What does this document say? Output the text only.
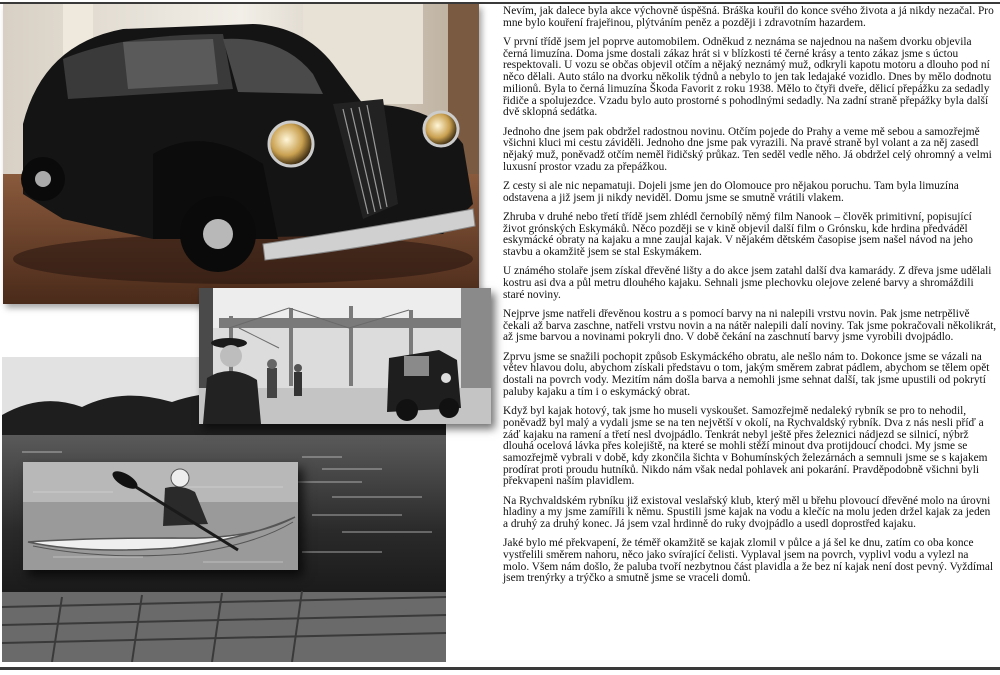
Nevím, jak dalece byla akce výchovně úspěšná. Bráška kouřil do konce svého života a já nikdy nezačal. Pro mne bylo kouření frajeřinou, plýtváním peněz a později i zdravotním hazardem.

V první třídě jsem jel poprve automobilem. Odněkud z neznáma se najednou na našem dvorku objevila černá limuzína. Doma jsme dostali zákaz hrát si v blízkosti té černé krásy a tento zákaz jsme s úctou respektovali. U vozu se občas objevil otčím a nějaký neznámý muž, odkryli kapotu motoru a dlouho pod ní něco dělali. Auto stálo na dvorku několik týdnů a nebylo to jen tak ledajaké vozidlo. Dnes by mělo dodnotu milionů. Byla to černá limuzína Škoda Favorit z roku 1938. Mělo to čtyři dveře, dělicí přepážku za sedadly řidiče a spolujezdce. Vzadu bylo auto prostorné s pohodlnými sedadly. Na zadní straně přepážky byla další dvě sklopná sedátka.

Jednoho dne jsem pak obdržel radostnou novinu. Otčím pojede do Prahy a veme mě sebou a samozřejmě všichni kluci mi cestu záviděli. Jednoho dne jsme pak vyrazili. Na pravé straně byl volant a za něj zasedl nějaký muž, poněvadž otčím neměl řidičský průkaz. Ten seděl vedle něho. Já obdržel celý ohromný a velmi luxusní prostor vzadu za přepážkou.

Z cesty si ale nic nepamatuji. Dojeli jsme jen do Olomouce pro nějakou poruchu. Tam byla limuzína odstavena a již jsem ji nikdy neviděl. Domu jsme se smutně vrátili vlakem.

Zhruba v druhé nebo třetí třídě jsem zhlédl černobílý němý film Nanook – člověk primitivní, popisující život grónských Eskymáků. Něco později se v kině objevil další film o Grónsku, kde hrdina předváděl eskymácké obraty na kajaku a mne zaujal kajak. V nějakém dětském časopise jsem našel návod na jeho stavbu a okamžitě jsem se stal Eskymákem.

U známého stolaře jsem získal dřevěné lišty a do akce jsem zatahl další dva kamarády. Z dřeva jsme udělali kostru asi dva a půl metru dlouhého kajaku. Sehnali jsme plechovku olejove zelené barvy a shromáždili staré noviny.

Nejprve jsme natřeli dřevěnou kostru a s pomocí barvy na ni nalepili vrstvu novin. Pak jsme netrpělivě čekali až barva zaschne, natřeli vrstvu novin a na nátěr nalepili dalí noviny. Tak jsme pokračovali několikrát, až jsme barvou a novinami pokryli dno. V době čekání na zaschnutí barvy jsme vyrobili dvojpádlo.

Zprvu jsme se snažili pochopit způsob Eskymáckého obratu, ale nešlo nám to. Dokonce jsme se vázali na větev hlavou dolu, abychom získali představu o tom, jakým směrem zabrat pádlem, abychom se tělem opět dostali na povrch vody. Mezitím nám došla barva a nemohli jsme sehnat další, tak jsme upustili od pokrytí paluby kajaku a tím i o eskymácký obrat.

Když byl kajak hotový, tak jsme ho museli vyskoušet. Samozřejmě nedaleký rybník se pro to nehodil, poněvadž byl malý a vydali jsme se na ten největší v okolí, na Rychvaldský rybník. Dva z nás nesli příď a záď kajaku na ramení a třetí nesl dvojpádlo. Tenkrát nebyl ještě přes železnici nádjezd se silnicí, nýbrž dlouhá ocelová lávka přes kolejiště, na které se mohli stěží minout dva protijdoucí chodci. My jsme se samozřejmě vybrali v době, kdy zkončila šichta v Bohumínských železárnách a semnuli jsme se s kajakem prodírat proti proudu hutníků. Nikdo nám však nedal pohlavek ani pokarání. Pravděpodobně všichni byli překvapeni naším plavidlem.

Na Rychvaldském rybníku již existoval veslařský klub, který měl u břehu plovoucí dřevěné molo na úrovni hladiny a my jsme zamířili k němu. Spustili jsme kajak na vodu a klečíc na molu jeden držel kajak za jeden a druhý za druhý konec. Já jsem vzal hrdinně do ruky dvojpádlo a usedl doprostřed kajaku.

Jaké bylo mé překvapení, že téměř okamžitě se kajak zlomil v půlce a já šel ke dnu, zatím co oba konce vystřelili směrem nahoru, něco jako svírající čelisti. Vyplaval jsem na povrch, vyplivl vodu a vylezl na molo. Všem nám došlo, že paluba tvoří nezbytnou část plavidla a že bez ní kajak není dost pevný. Vyždímal jsem trenýrky a trýčko a smutně jsme se vraceli domů.
